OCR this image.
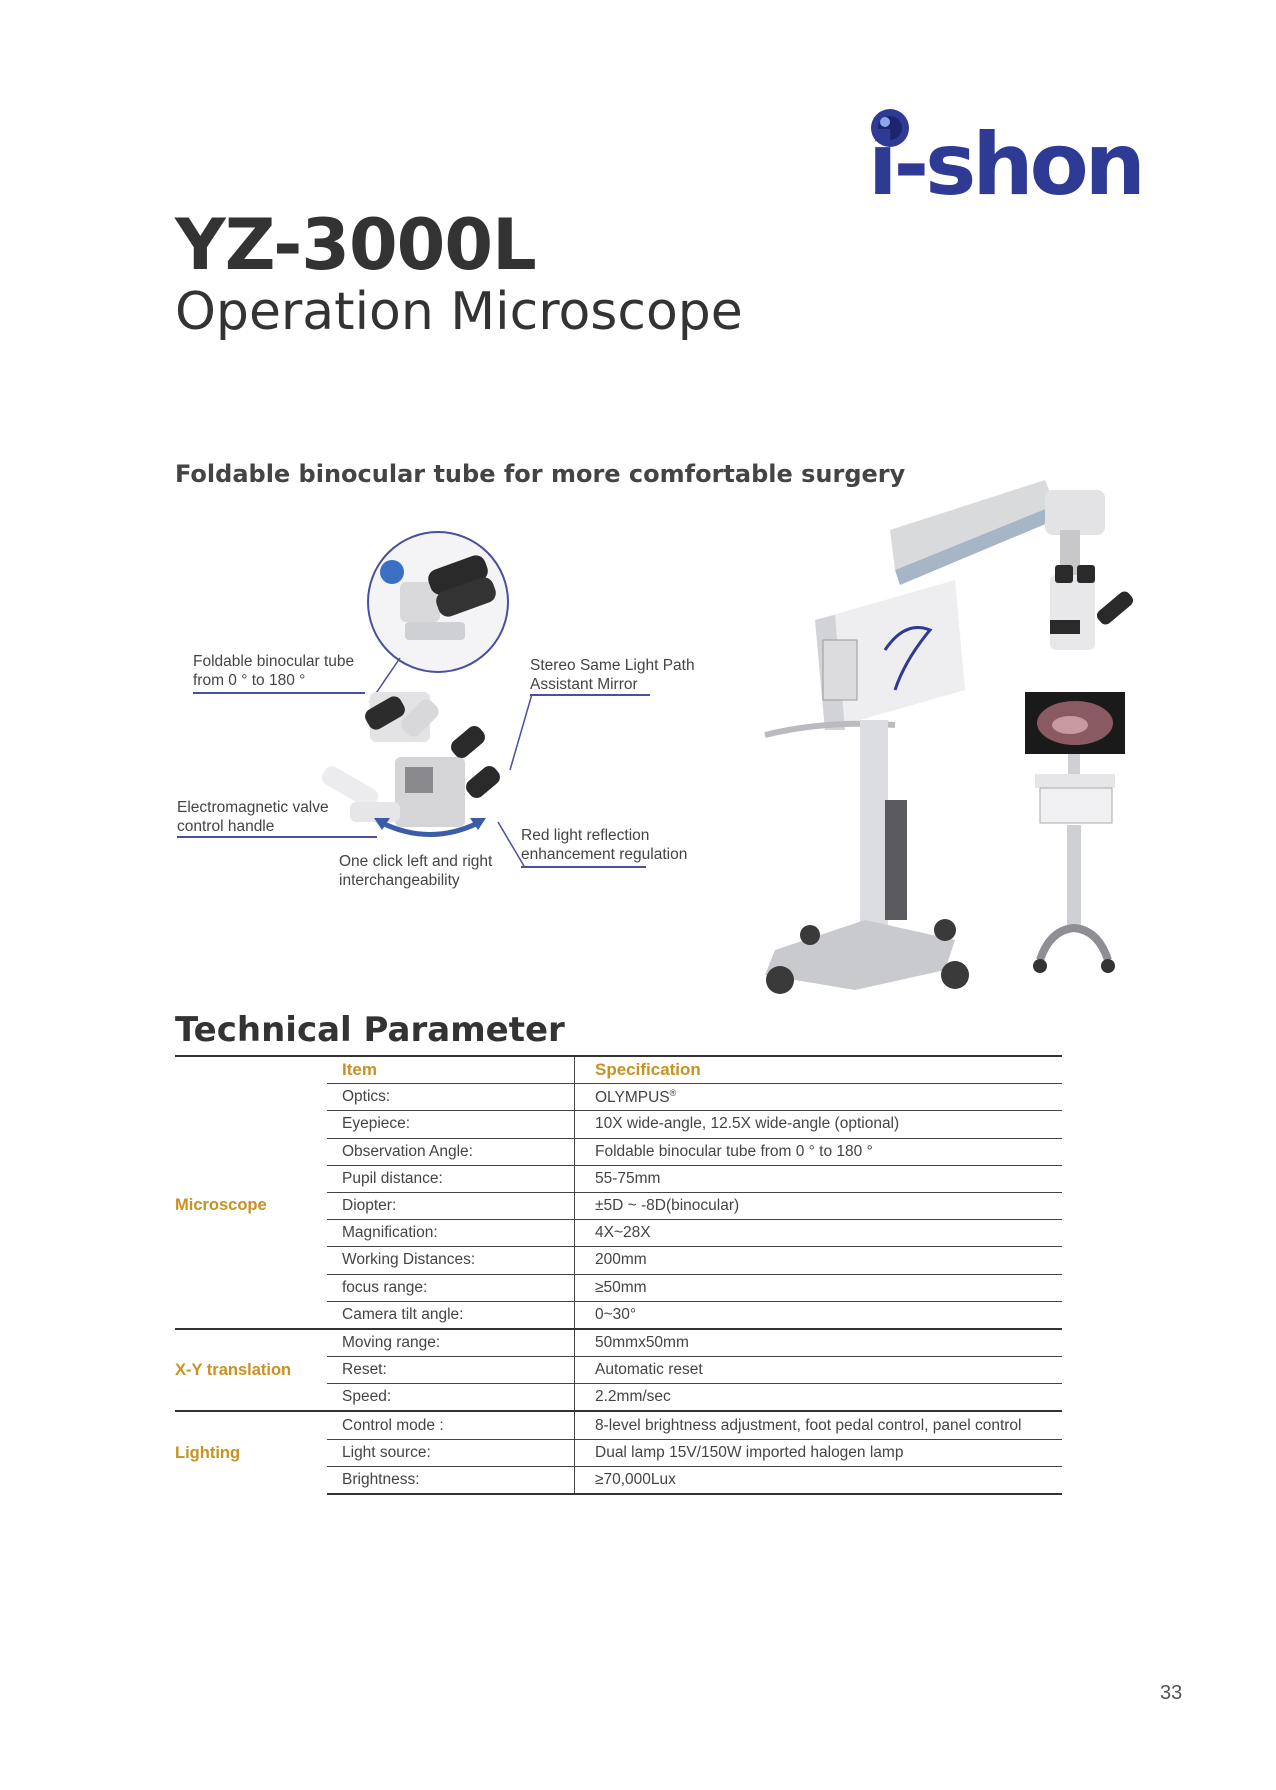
i-shon
YZ-3000L
Operation Microscope
Foldable binocular tube for more comfortable surgery
Foldable binocular tube
from 0 ° to 180 °
Stereo Same Light Path
Assistant Mirror
Electromagnetic valve
control handle
Red light reflection
enhancement regulation
One click left and right
interchangeability
Technical Parameter
	Item	Specification
Microscope	Optics:	OLYMPUS®
	Eyepiece:	10X wide-angle, 12.5X wide-angle (optional)
	Observation Angle:	Foldable binocular tube from 0 ° to 180 °
	Pupil distance:	55-75mm
	Diopter:	±5D ~ -8D(binocular)
	Magnification:	4X~28X
	Working Distances:	200mm
	focus range:	≥50mm
	Camera tilt angle:	0~30°
X-Y translation	Moving range:	50mmx50mm
	Reset:	Automatic reset
	Speed:	2.2mm/sec
Lighting	Control mode :	8-level brightness adjustment, foot pedal control, panel control
	Light source:	Dual lamp 15V/150W imported halogen lamp
	Brightness:	≥70,000Lux
33
